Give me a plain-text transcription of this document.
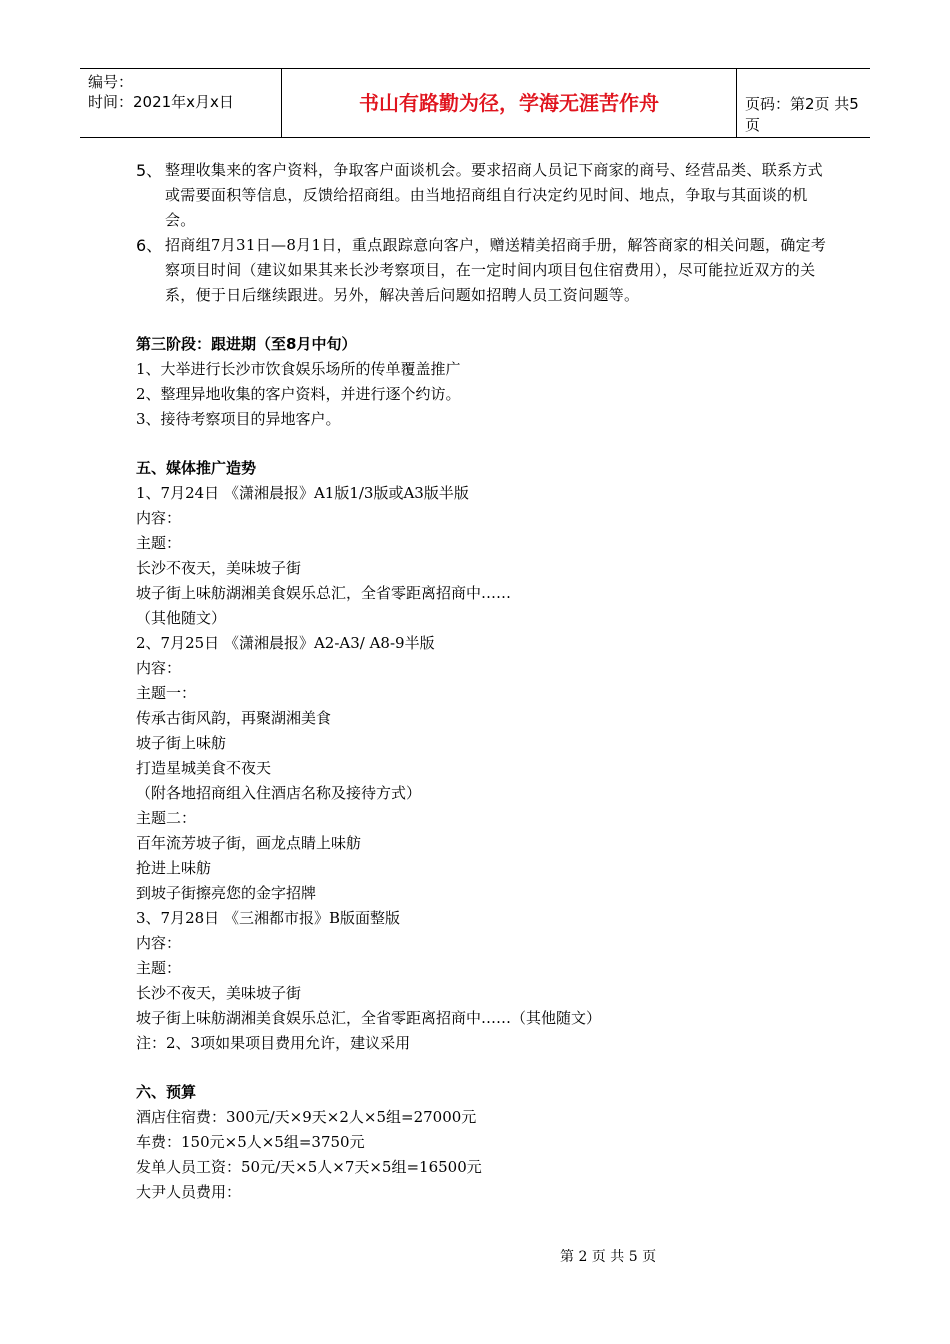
编号：
时间：2021年x月x日	书山有路勤为径，学海无涯苦作舟	页码：第2页 共5页
5、 整理收集来的客户资料，争取客户面谈机会。要求招商人员记下商家的商号、经营品类、联系方式或需要面积等信息，反馈给招商组。由当地招商组自行决定约见时间、地点，争取与其面谈的机会。
6、 招商组7月31日—8月1日，重点跟踪意向客户，赠送精美招商手册，解答商家的相关问题，确定考察项目时间（建议如果其来长沙考察项目，在一定时间内项目包住宿费用），尽可能拉近双方的关系，便于日后继续跟进。另外，解决善后问题如招聘人员工资问题等。
第三阶段：跟进期（至8月中旬）
1、大举进行长沙市饮食娱乐场所的传单覆盖推广
2、整理异地收集的客户资料，并进行逐个约访。
3、接待考察项目的异地客户。
五、媒体推广造势
1、7月24日 《潇湘晨报》A1版1/3版或A3版半版
内容：
主题：
长沙不夜天，美味坡子街
坡子街上味舫湖湘美食娱乐总汇，全省零距离招商中……
（其他随文）
2、7月25日 《潇湘晨报》A2-A3/ A8-9半版
内容：
主题一：
传承古街风韵，再聚湖湘美食
坡子街上味舫
打造星城美食不夜天
（附各地招商组入住酒店名称及接待方式）
主题二：
百年流芳坡子街，画龙点睛上味舫
抢进上味舫
到坡子街擦亮您的金字招牌
3、7月28日 《三湘都市报》B版面整版
内容：
主题：
长沙不夜天，美味坡子街
坡子街上味舫湖湘美食娱乐总汇，全省零距离招商中……（其他随文）
注：2、3项如果项目费用允许，建议采用
六、预算
酒店住宿费：300元/天×9天×2人×5组=27000元
车费：150元×5人×5组=3750元
发单人员工资：50元/天×5人×7天×5组=16500元
大尹人员费用：
第 2 页 共 5 页
